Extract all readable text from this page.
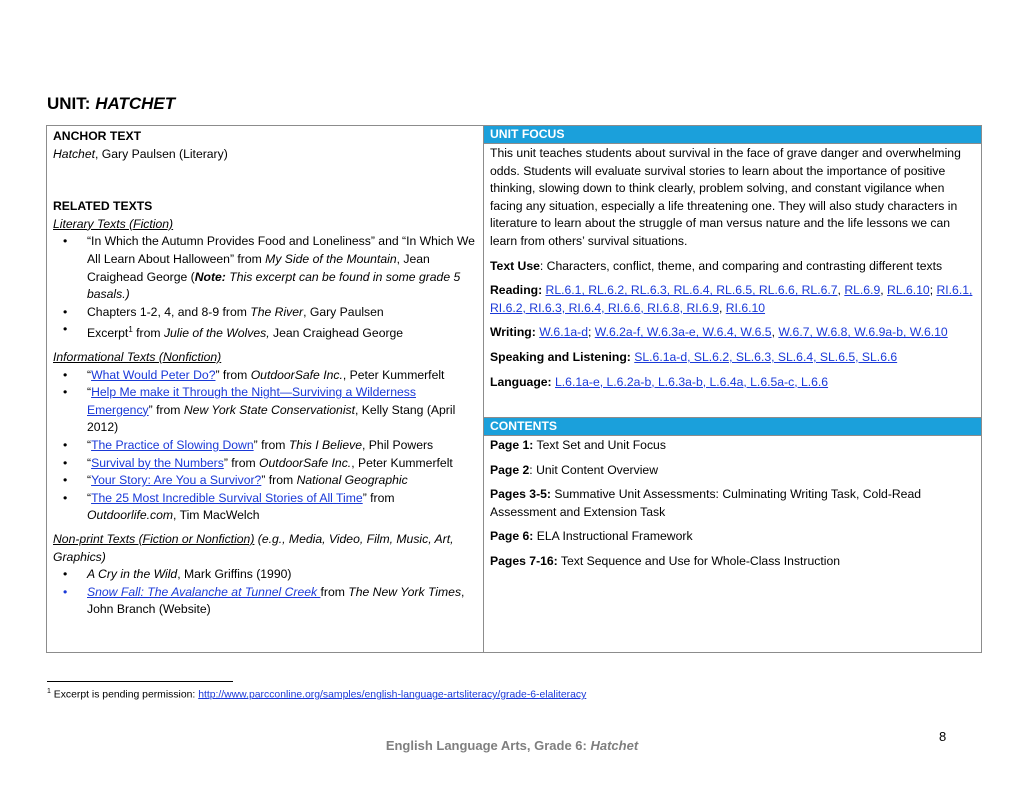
UNIT: HATCHET
ANCHOR TEXT
Hatchet, Gary Paulsen (Literary)
RELATED TEXTS
Literary Texts (Fiction)
• “In Which the Autumn Provides Food and Loneliness” and “In Which We All Learn About Halloween” from My Side of the Mountain, Jean Craighead George (Note: This excerpt can be found in some grade 5 basals.)
• Chapters 1-2, 4, and 8-9 from The River, Gary Paulsen
• Excerpt$^1$ from Julie of the Wolves, Jean Craighead George
Informational Texts (Nonfiction)
• “What Would Peter Do?” from OutdoorSafe Inc., Peter Kummerfelt
• “Help Me make it Through the Night—Surviving a Wilderness Emergency” from New York State Conservationist, Kelly Stang (April 2012)
• “The Practice of Slowing Down” from This I Believe, Phil Powers
• “Survival by the Numbers” from OutdoorSafe Inc., Peter Kummerfelt
• “Your Story: Are You a Survivor?” from National Geographic
• “The 25 Most Incredible Survival Stories of All Time” from Outdoorlife.com, Tim MacWelch
Non-print Texts (Fiction or Nonfiction) (e.g., Media, Video, Film, Music, Art, Graphics)
• A Cry in the Wild, Mark Griffins (1990)
• Snow Fall: The Avalanche at Tunnel Creek from The New York Times, John Branch (Website)
	UNIT FOCUS

This unit teaches students about survival in the face of grave danger and overwhelming odds. Students will evaluate survival stories to learn about the importance of positive thinking, slowing down to think clearly, problem solving, and constant vigilance when facing any situation, especially a life threatening one. They will also study characters in literature to learn about the struggle of man versus nature and the life lessons we can learn from others’ survival situations.
Text Use: Characters, conflict, theme, and comparing and contrasting different texts
Reading: RL.6.1, RL.6.2, RL.6.3, RL.6.4, RL.6.5, RL.6.6, RL.6.7, RL.6.9, RL.6.10; RI.6.1, RI.6.2, RI.6.3, RI.6.4, RI.6.6, RI.6.8, RI.6.9, RI.6.10
Writing: W.6.1a-d; W.6.2a-f, W.6.3a-e, W.6.4, W.6.5, W.6.7, W.6.8, W.6.9a-b, W.6.10
Speaking and Listening: SL.6.1a-d, SL.6.2, SL.6.3, SL.6.4, SL.6.5, SL.6.6
Language: L.6.1a-e, L.6.2a-b, L.6.3a-b, L.6.4a, L.6.5a-c, L.6.6

CONTENTS
Page 1: Text Set and Unit Focus
Page 2: Unit Content Overview
Pages 3-5: Summative Unit Assessments: Culminating Writing Task, Cold-Read Assessment and Extension Task
Page 6: ELA Instructional Framework
Pages 7-16: Text Sequence and Use for Whole-Class Instruction
$^1$ Excerpt is pending permission: http://www.parcconline.org/samples/english-language-artsliteracy/grade-6-elaliteracy
8
English Language Arts, Grade 6: Hatchet
